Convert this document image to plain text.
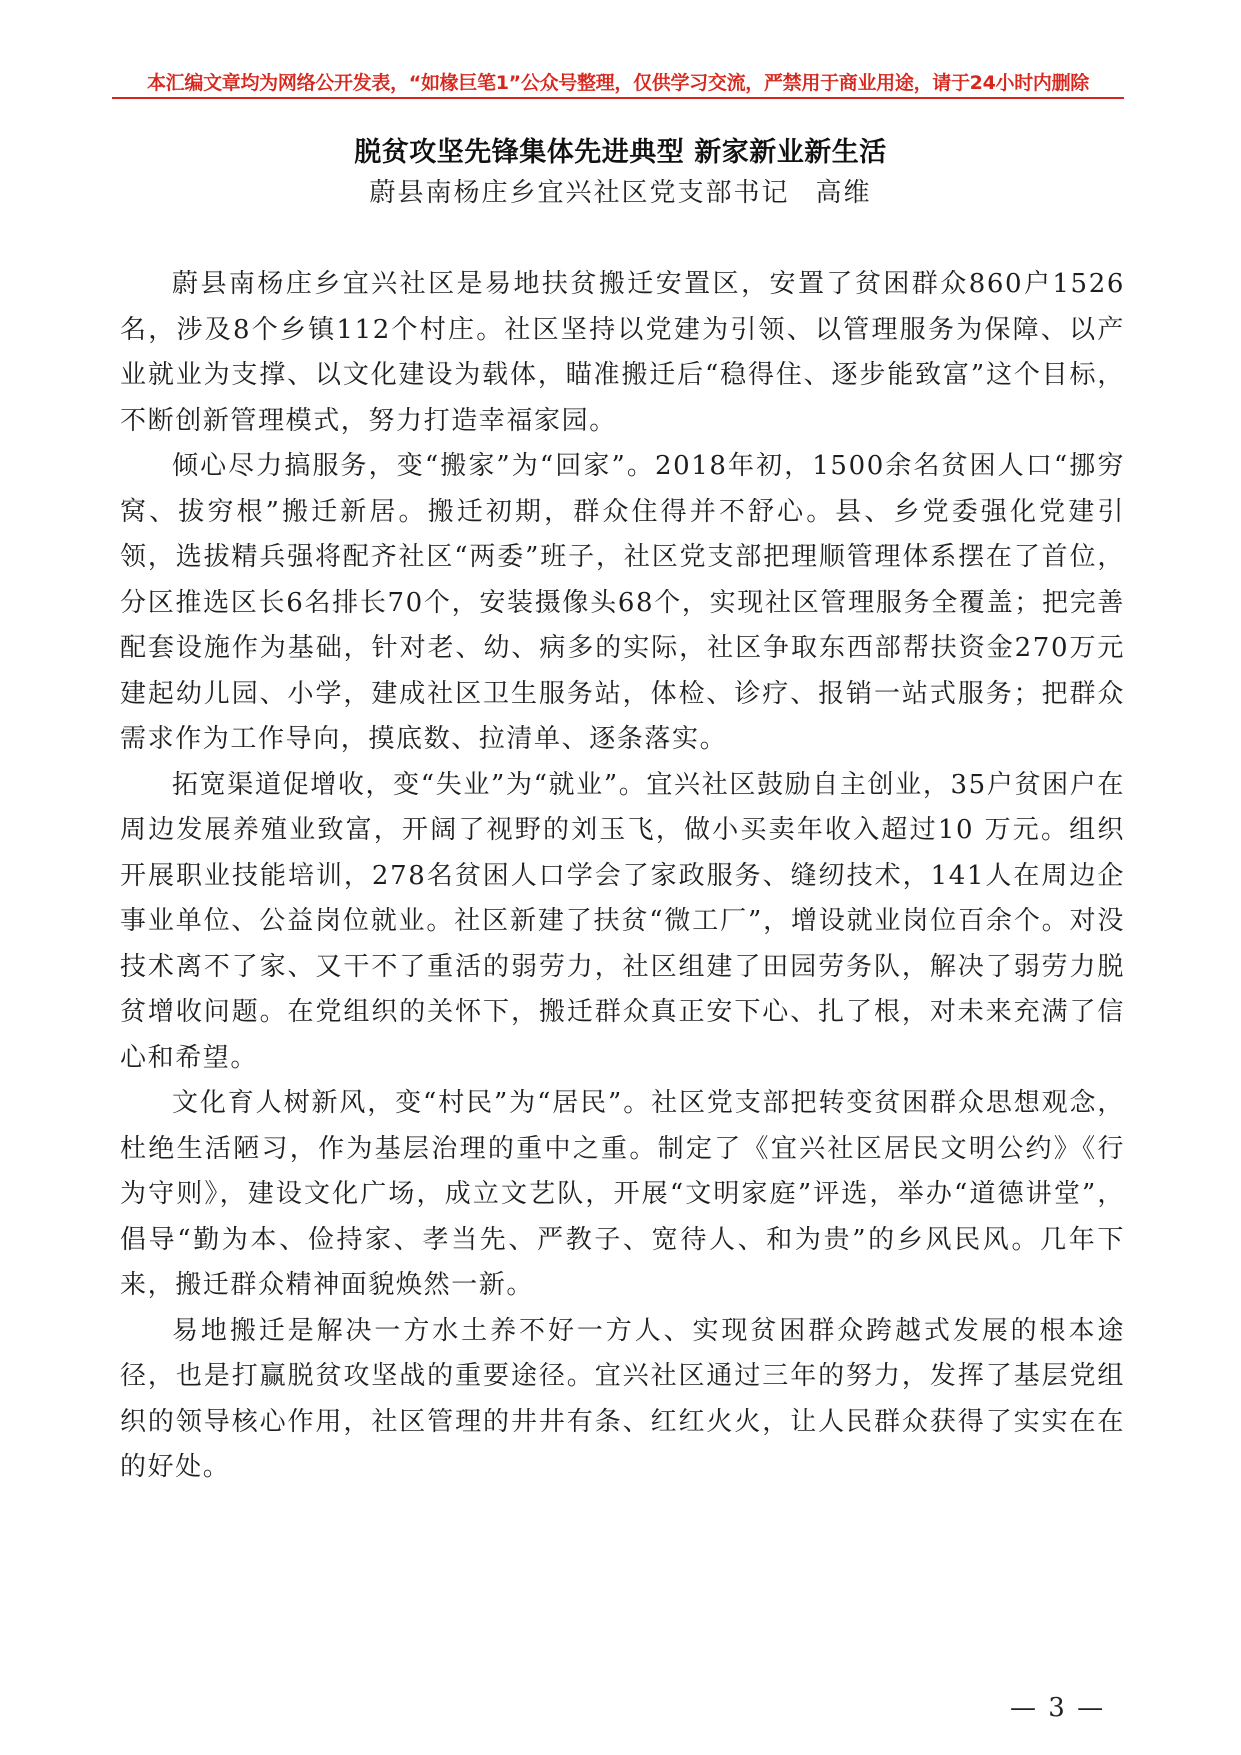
本汇编文章均为网络公开发表，“如椽巨笔1”公众号整理，仅供学习交流，严禁用于商业用途，请于24小时内删除
脱贫攻坚先锋集体先进典型 新家新业新生活
蔚县南杨庄乡宜兴社区党支部书记 高维

蔚县南杨庄乡宜兴社区是易地扶贫搬迁安置区，安置了贫困群众860户1526名，涉及8个乡镇112个村庄。社区坚持以党建为引领、以管理服务为保障、以产业就业为支撑、以文化建设为载体，瞄准搬迁后“稳得住、逐步能致富”这个目标，不断创新管理模式，努力打造幸福家园。

倾心尽力搞服务，变“搬家”为“回家”。2018年初，1500余名贫困人口“挪穷窝、拔穷根”搬迁新居。搬迁初期，群众住得并不舒心。县、乡党委强化党建引领，选拔精兵强将配齐社区“两委”班子，社区党支部把理顺管理体系摆在了首位，分区推选区长6名排长70个，安装摄像头68个，实现社区管理服务全覆盖；把完善配套设施作为基础，针对老、幼、病多的实际，社区争取东西部帮扶资金270万元建起幼儿园、小学，建成社区卫生服务站，体检、诊疗、报销一站式服务；把群众需求作为工作导向，摸底数、拉清单、逐条落实。

拓宽渠道促增收，变“失业”为“就业”。宜兴社区鼓励自主创业，35户贫困户在周边发展养殖业致富，开阔了视野的刘玉飞，做小买卖年收入超过10 万元。组织开展职业技能培训，278名贫困人口学会了家政服务、缝纫技术，141人在周边企事业单位、公益岗位就业。社区新建了扶贫“微工厂”，增设就业岗位百余个。对没技术离不了家、又干不了重活的弱劳力，社区组建了田园劳务队，解决了弱劳力脱贫增收问题。在党组织的关怀下，搬迁群众真正安下心、扎了根，对未来充满了信心和希望。

文化育人树新风，变“村民”为“居民”。社区党支部把转变贫困群众思想观念，杜绝生活陋习，作为基层治理的重中之重。制定了《宜兴社区居民文明公约》《行为守则》，建设文化广场，成立文艺队，开展“文明家庭”评选，举办“道德讲堂”，倡导“勤为本、俭持家、孝当先、严教子、宽待人、和为贵”的乡风民风。几年下来，搬迁群众精神面貌焕然一新。

易地搬迁是解决一方水土养不好一方人、实现贫困群众跨越式发展的根本途径，也是打赢脱贫攻坚战的重要途径。宜兴社区通过三年的努力，发挥了基层党组织的领导核心作用，社区管理的井井有条、红红火火，让人民群众获得了实实在在的好处。

— 3 —
